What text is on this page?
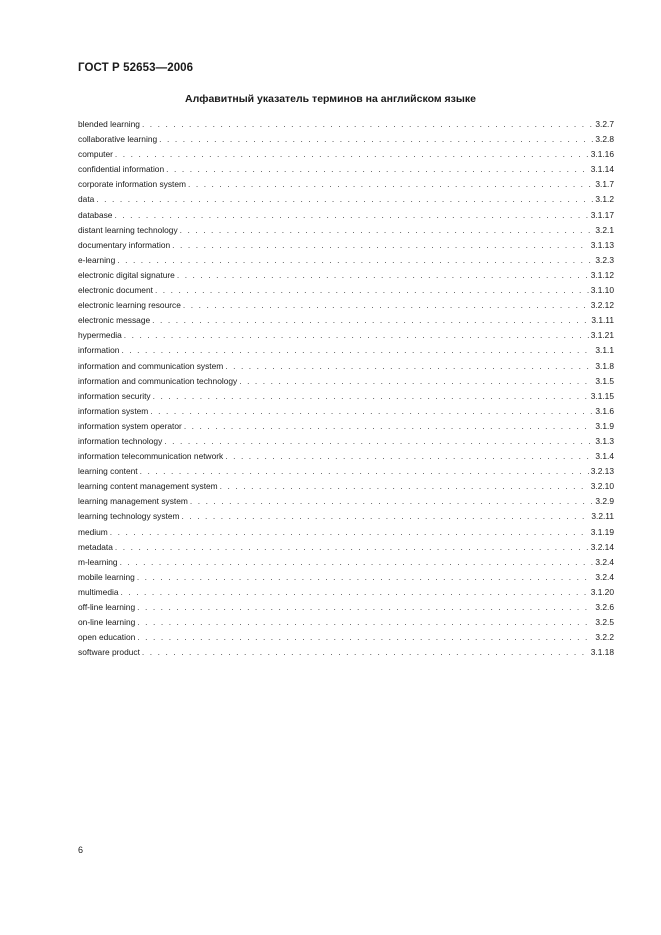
ГОСТ Р 52653—2006
Алфавитный указатель терминов на английском языке
blended learning . . .	3.2.7
collaborative learning . . .	3.2.8
computer . . .	3.1.16
confidential information . . .	3.1.14
corporate information system . . .	3.1.7
data . . .	3.1.2
database . . .	3.1.17
distant learning technology . . .	3.2.1
documentary information . . .	3.1.13
e-learning . . .	3.2.3
electronic digital signature . . .	3.1.12
electronic document . . .	3.1.10
electronic learning resource . . .	3.2.12
electronic message . . .	3.1.11
hypermedia . . .	3.1.21
information . . .	3.1.1
information and communication system . . .	3.1.8
information and communication technology . . .	3.1.5
information security . . .	3.1.15
information system . . .	3.1.6
information system operator . . .	3.1.9
information technology . . .	3.1.3
information telecommunication network . . .	3.1.4
learning content . . .	3.2.13
learning content management system . . .	3.2.10
learning management system . . .	3.2.9
learning technology system . . .	3.2.11
medium . . .	3.1.19
metadata . . .	3.2.14
m-learning . . .	3.2.4
mobile learning . . .	3.2.4
multimedia . . .	3.1.20
off-line learning . . .	3.2.6
on-line learning . . .	3.2.5
open education . . .	3.2.2
software product . . .	3.1.18
6
